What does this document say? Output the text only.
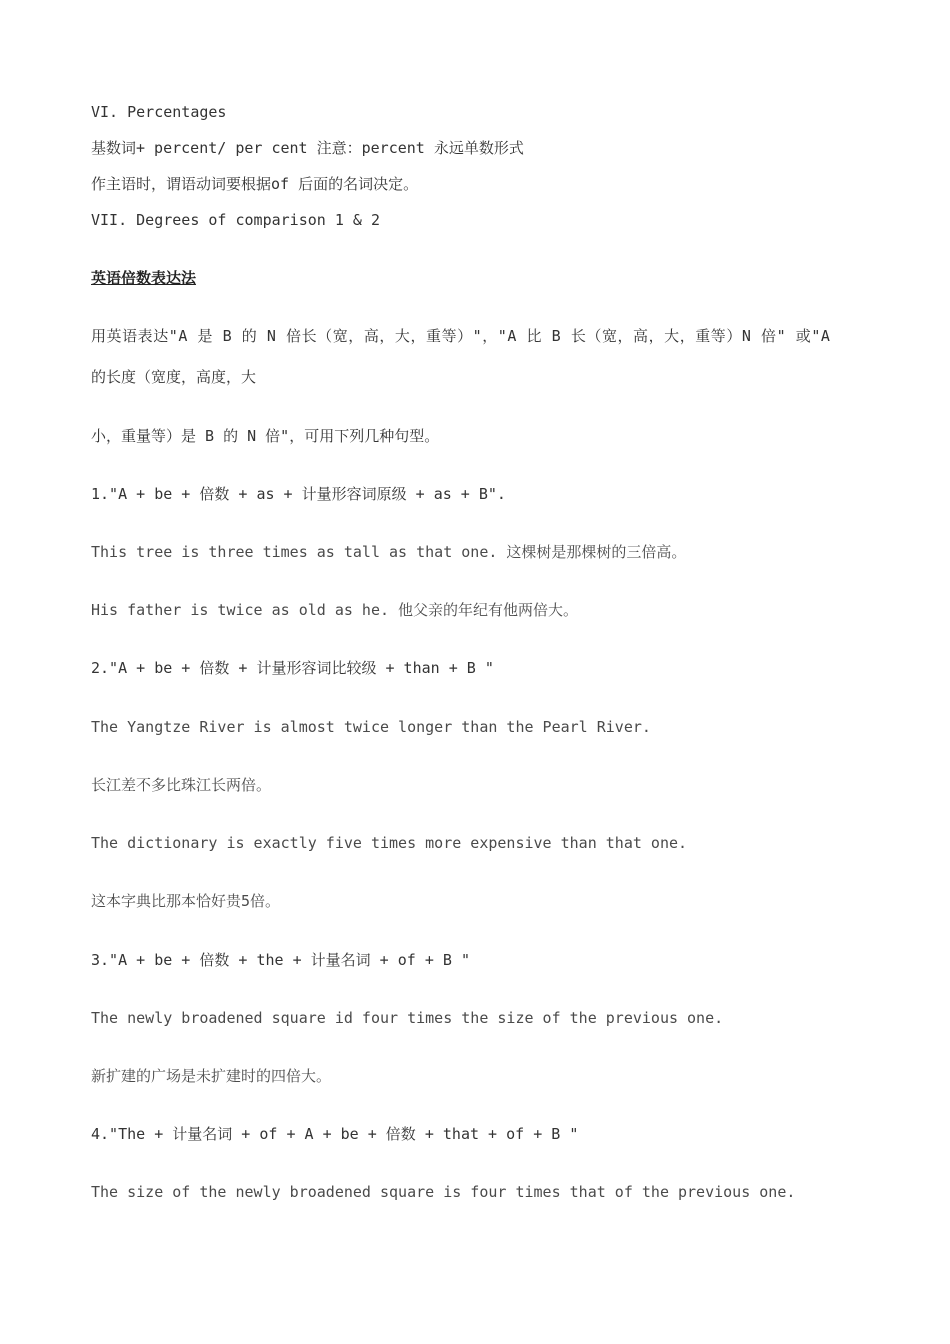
VI. Percentages
基数词+ percent/ per cent 注意：percent 永远单数形式
作主语时，谓语动词要根据of 后面的名词决定。
VII. Degrees of comparison 1 & 2
英语倍数表达法
用英语表达"A 是 B 的 N 倍长（宽，高，大，重等）"，"A 比 B 长（宽，高，大，重等）N 倍" 或"A
的长度（宽度，高度，大
小，重量等）是 B 的 N 倍"，可用下列几种句型。
1."A + be + 倍数 + as + 计量形容词原级 + as + B".
This tree is three times as tall as that one. 这棵树是那棵树的三倍高。
His father is twice as old as he. 他父亲的年纪有他两倍大。
2."A + be + 倍数 + 计量形容词比较级 + than + B "
The Yangtze River is almost twice longer than the Pearl River.
长江差不多比珠江长两倍。
The dictionary is exactly five times more expensive than that one.
这本字典比那本恰好贵5倍。
3."A + be + 倍数 + the + 计量名词 + of + B "
The newly broadened square id four times the size of the previous one.
新扩建的广场是未扩建时的四倍大。
4."The + 计量名词 + of + A + be + 倍数 + that + of + B "
The size of the newly broadened square is four times that of the previous one.
